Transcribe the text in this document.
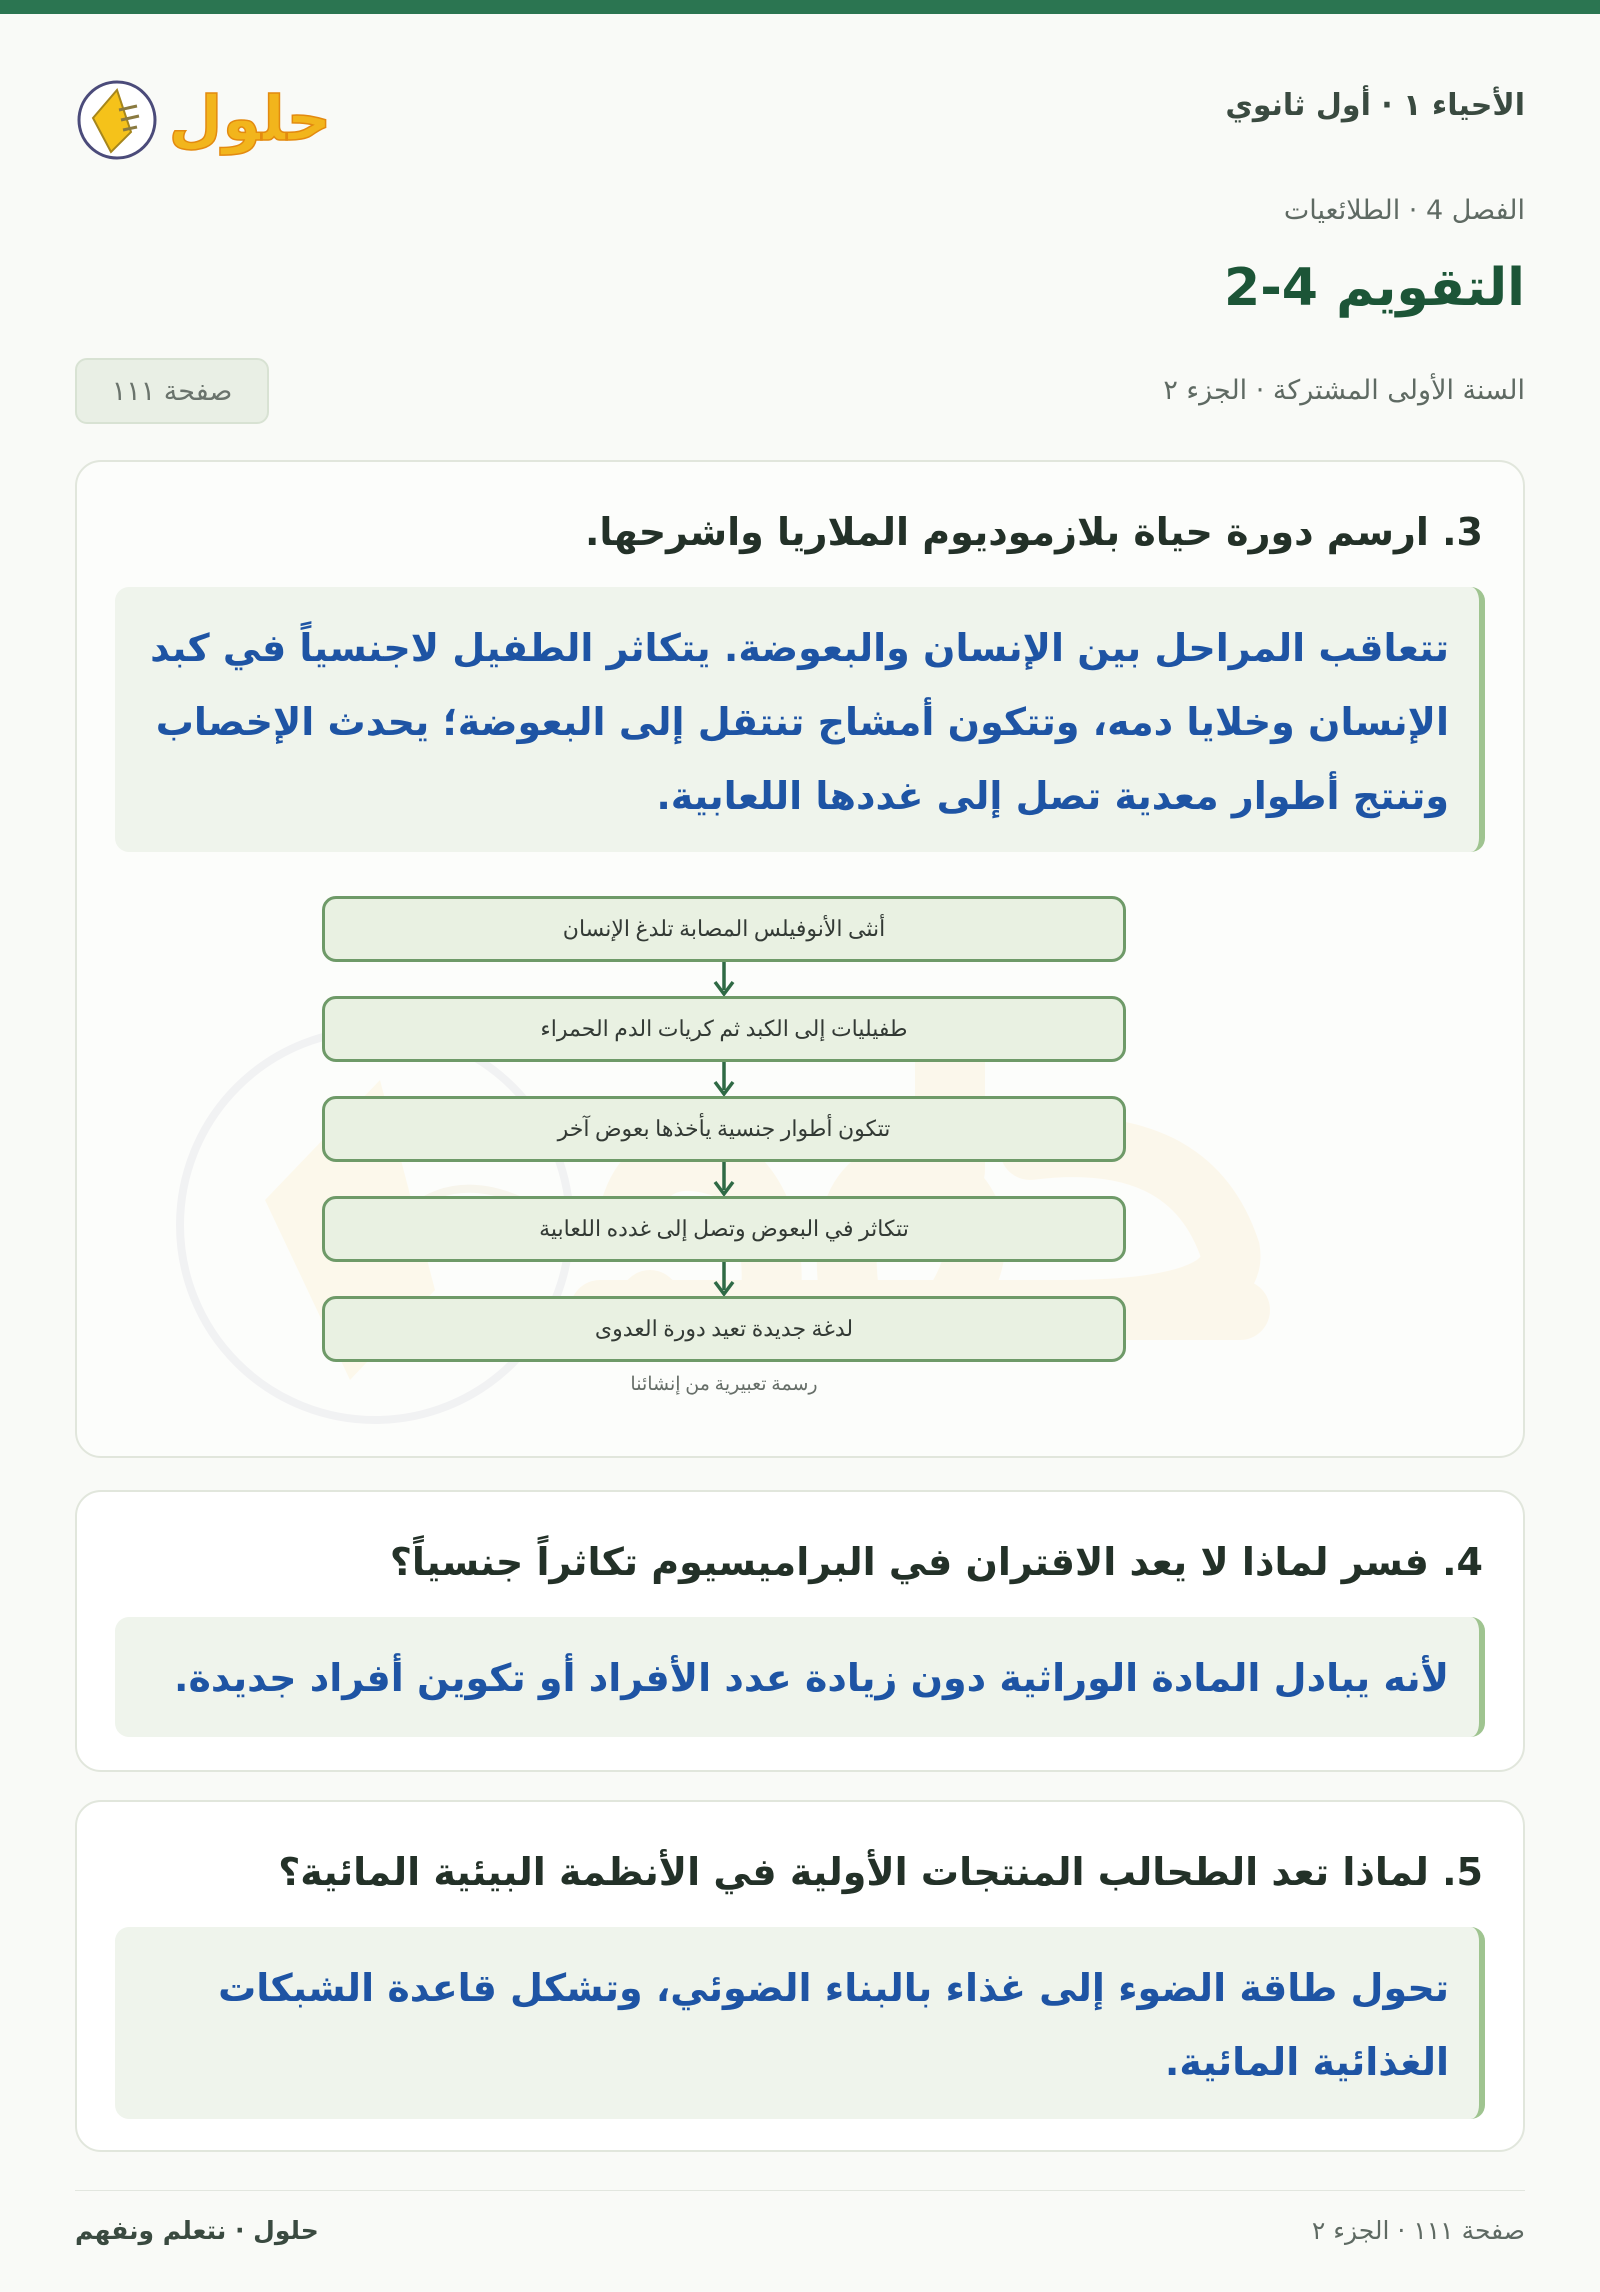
الأحياء ١ · أول ثانوي
حلول
الفصل 4 · الطلائعيات
التقويم 4-2
السنة الأولى المشتركة · الجزء ٢
صفحة ١١١
3. ارسم دورة حياة بلازموديوم الملاريا واشرحها.
تتعاقب المراحل بين الإنسان والبعوضة. يتكاثر الطفيل لاجنسياً في كبد الإنسان وخلايا دمه، وتتكون أمشاج تنتقل إلى البعوضة؛ يحدث الإخصاب وتنتج أطوار معدية تصل إلى غددها اللعابية.
أنثى الأنوفيلس المصابة تلدغ الإنسان
طفيليات إلى الكبد ثم كريات الدم الحمراء
تتكون أطوار جنسية يأخذها بعوض آخر
تتكاثر في البعوض وتصل إلى غدده اللعابية
لدغة جديدة تعيد دورة العدوى
رسمة تعبيرية من إنشائنا
4. فسر لماذا لا يعد الاقتران في البراميسيوم تكاثراً جنسياً؟
لأنه يبادل المادة الوراثية دون زيادة عدد الأفراد أو تكوين أفراد جديدة.
5. لماذا تعد الطحالب المنتجات الأولية في الأنظمة البيئية المائية؟
تحول طاقة الضوء إلى غذاء بالبناء الضوئي، وتشكل قاعدة الشبكات الغذائية المائية.
حلول · نتعلم ونفهم	صفحة ١١١ · الجزء ٢
